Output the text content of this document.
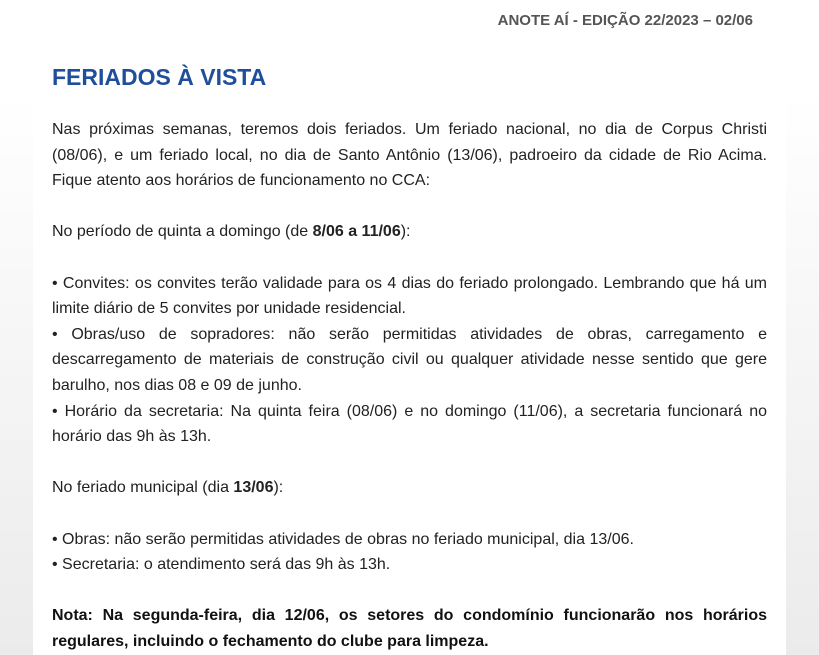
ANOTE AÍ - EDIÇÃO 22/2023 – 02/06
FERIADOS À VISTA

Nas próximas semanas, teremos dois feriados. Um feriado nacional, no dia de Corpus Christi (08/06), e um feriado local, no dia de Santo Antônio (13/06), padroeiro da cidade de Rio Acima. Fique atento aos horários de funcionamento no CCA:

No período de quinta a domingo (de 8/06 a 11/06):

• Convites: os convites terão validade para os 4 dias do feriado prolongado. Lembrando que há um limite diário de 5 convites por unidade residencial.

• Obras/uso de sopradores: não serão permitidas atividades de obras, carregamento e descarregamento de materiais de construção civil ou qualquer atividade nesse sentido que gere barulho, nos dias 08 e 09 de junho.

• Horário da secretaria: Na quinta feira (08/06) e no domingo (11/06), a secretaria funcionará no horário das 9h às 13h.

No feriado municipal (dia 13/06):

• Obras: não serão permitidas atividades de obras no feriado municipal, dia 13/06.

• Secretaria: o atendimento será das 9h às 13h.

Nota: Na segunda-feira, dia 12/06, os setores do condomínio funcionarão nos horários regulares, incluindo o fechamento do clube para limpeza.
